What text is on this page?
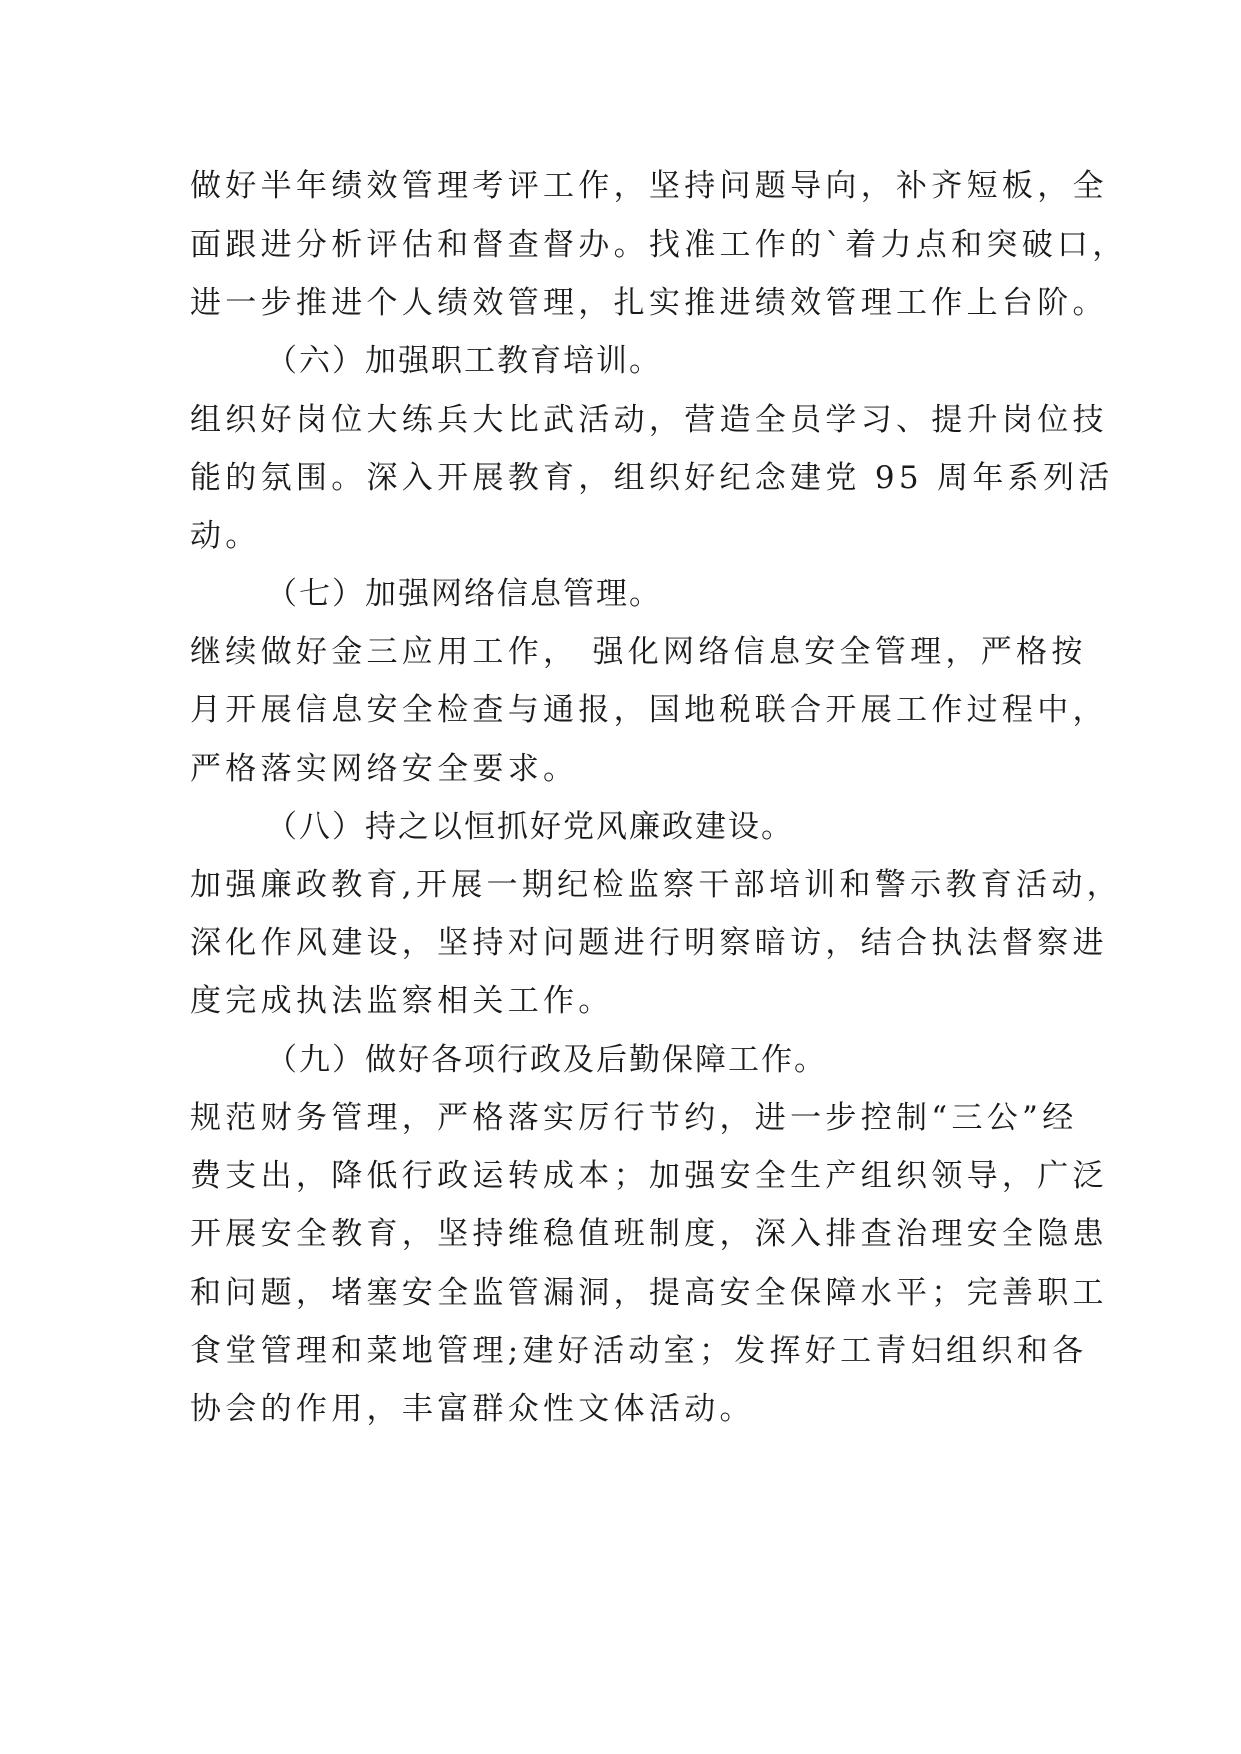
做好半年绩效管理考评工作，坚持问题导向，补齐短板，全
面跟进分析评估和督查督办。找准工作的`着力点和突破口，
进一步推进个人绩效管理，扎实推进绩效管理工作上台阶。
（六）加强职工教育培训。
组织好岗位大练兵大比武活动，营造全员学习、提升岗位技
能的氛围。深入开展教育，组织好纪念建党 95 周年系列活
动。
（七）加强网络信息管理。
继续做好金三应用工作， 强化网络信息安全管理，严格按
月开展信息安全检查与通报，国地税联合开展工作过程中，
严格落实网络安全要求。
（八）持之以恒抓好党风廉政建设。
加强廉政教育,开展一期纪检监察干部培训和警示教育活动，
深化作风建设，坚持对问题进行明察暗访，结合执法督察进
度完成执法监察相关工作。
（九）做好各项行政及后勤保障工作。
规范财务管理，严格落实厉行节约，进一步控制“三公”经
费支出，降低行政运转成本；加强安全生产组织领导，广泛
开展安全教育，坚持维稳值班制度，深入排查治理安全隐患
和问题，堵塞安全监管漏洞，提高安全保障水平；完善职工
食堂管理和菜地管理;建好活动室；发挥好工青妇组织和各
协会的作用，丰富群众性文体活动。
